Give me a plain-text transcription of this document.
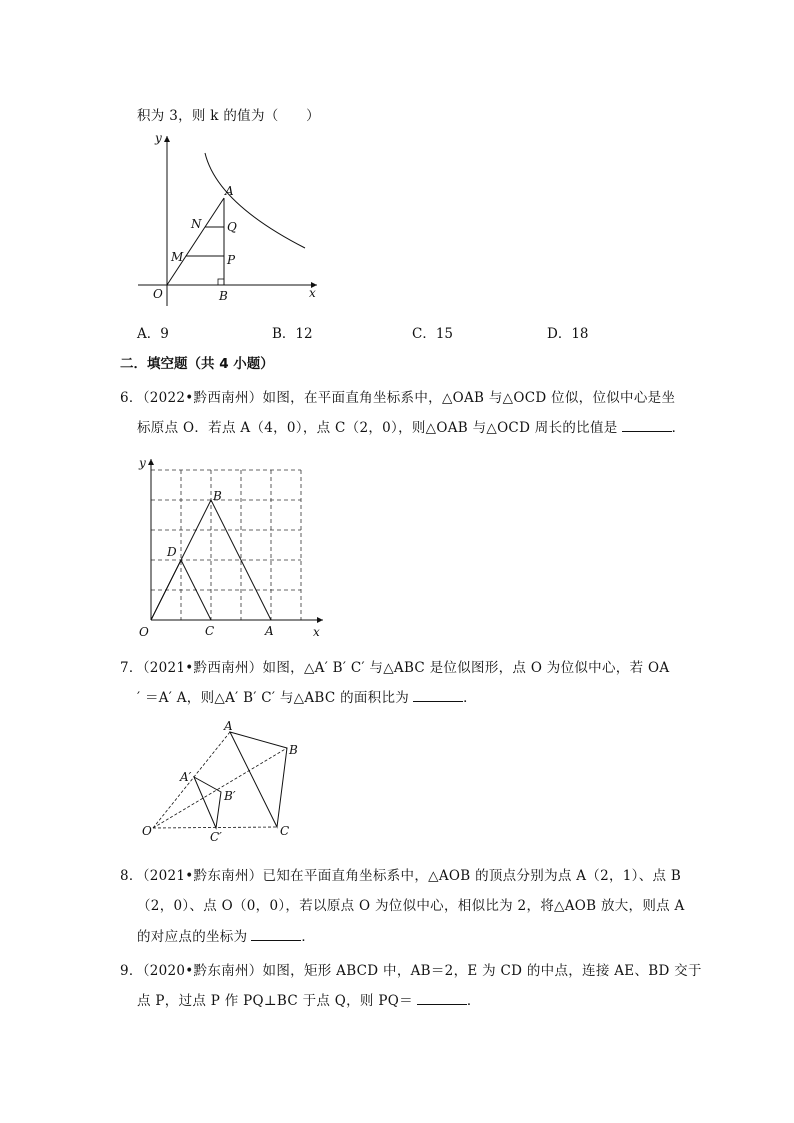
积为 3，则 k 的值为（　　）
y
x
O
A
N Q
M	P
B
A．9	B．12	C．15	D．18
二．填空题（共 4 小题）
6．（2022•黔西南州）如图，在平面直角坐标系中，△OAB 与△OCD 位似，位似中心是坐
标原点 O．若点 A（4，0），点 C（2，0），则△OAB 与△OCD 周长的比值是	．
y
x
O	C	A
B
D
7．（2021•黔西南州）如图，△A′ B′ C′ 与△ABC 是位似图形，点 O 为位似中心，若 OA
′ ＝A′ A，则△A′ B′ C′ 与△ABC 的面积比为	．
A
B
C
A′
B′
C′
O
8．（2021•黔东南州）已知在平面直角坐标系中，△AOB 的顶点分别为点 A（2，1）、点 B
（2，0）、点 O（0，0），若以原点 O 为位似中心，相似比为 2，将△AOB 放大，则点 A
的对应点的坐标为	．
9．（2020•黔东南州）如图，矩形 ABCD 中，AB＝2，E 为 CD 的中点，连接 AE、BD 交于
点 P，过点 P 作 PQ⊥BC 于点 Q，则 PQ＝	．
